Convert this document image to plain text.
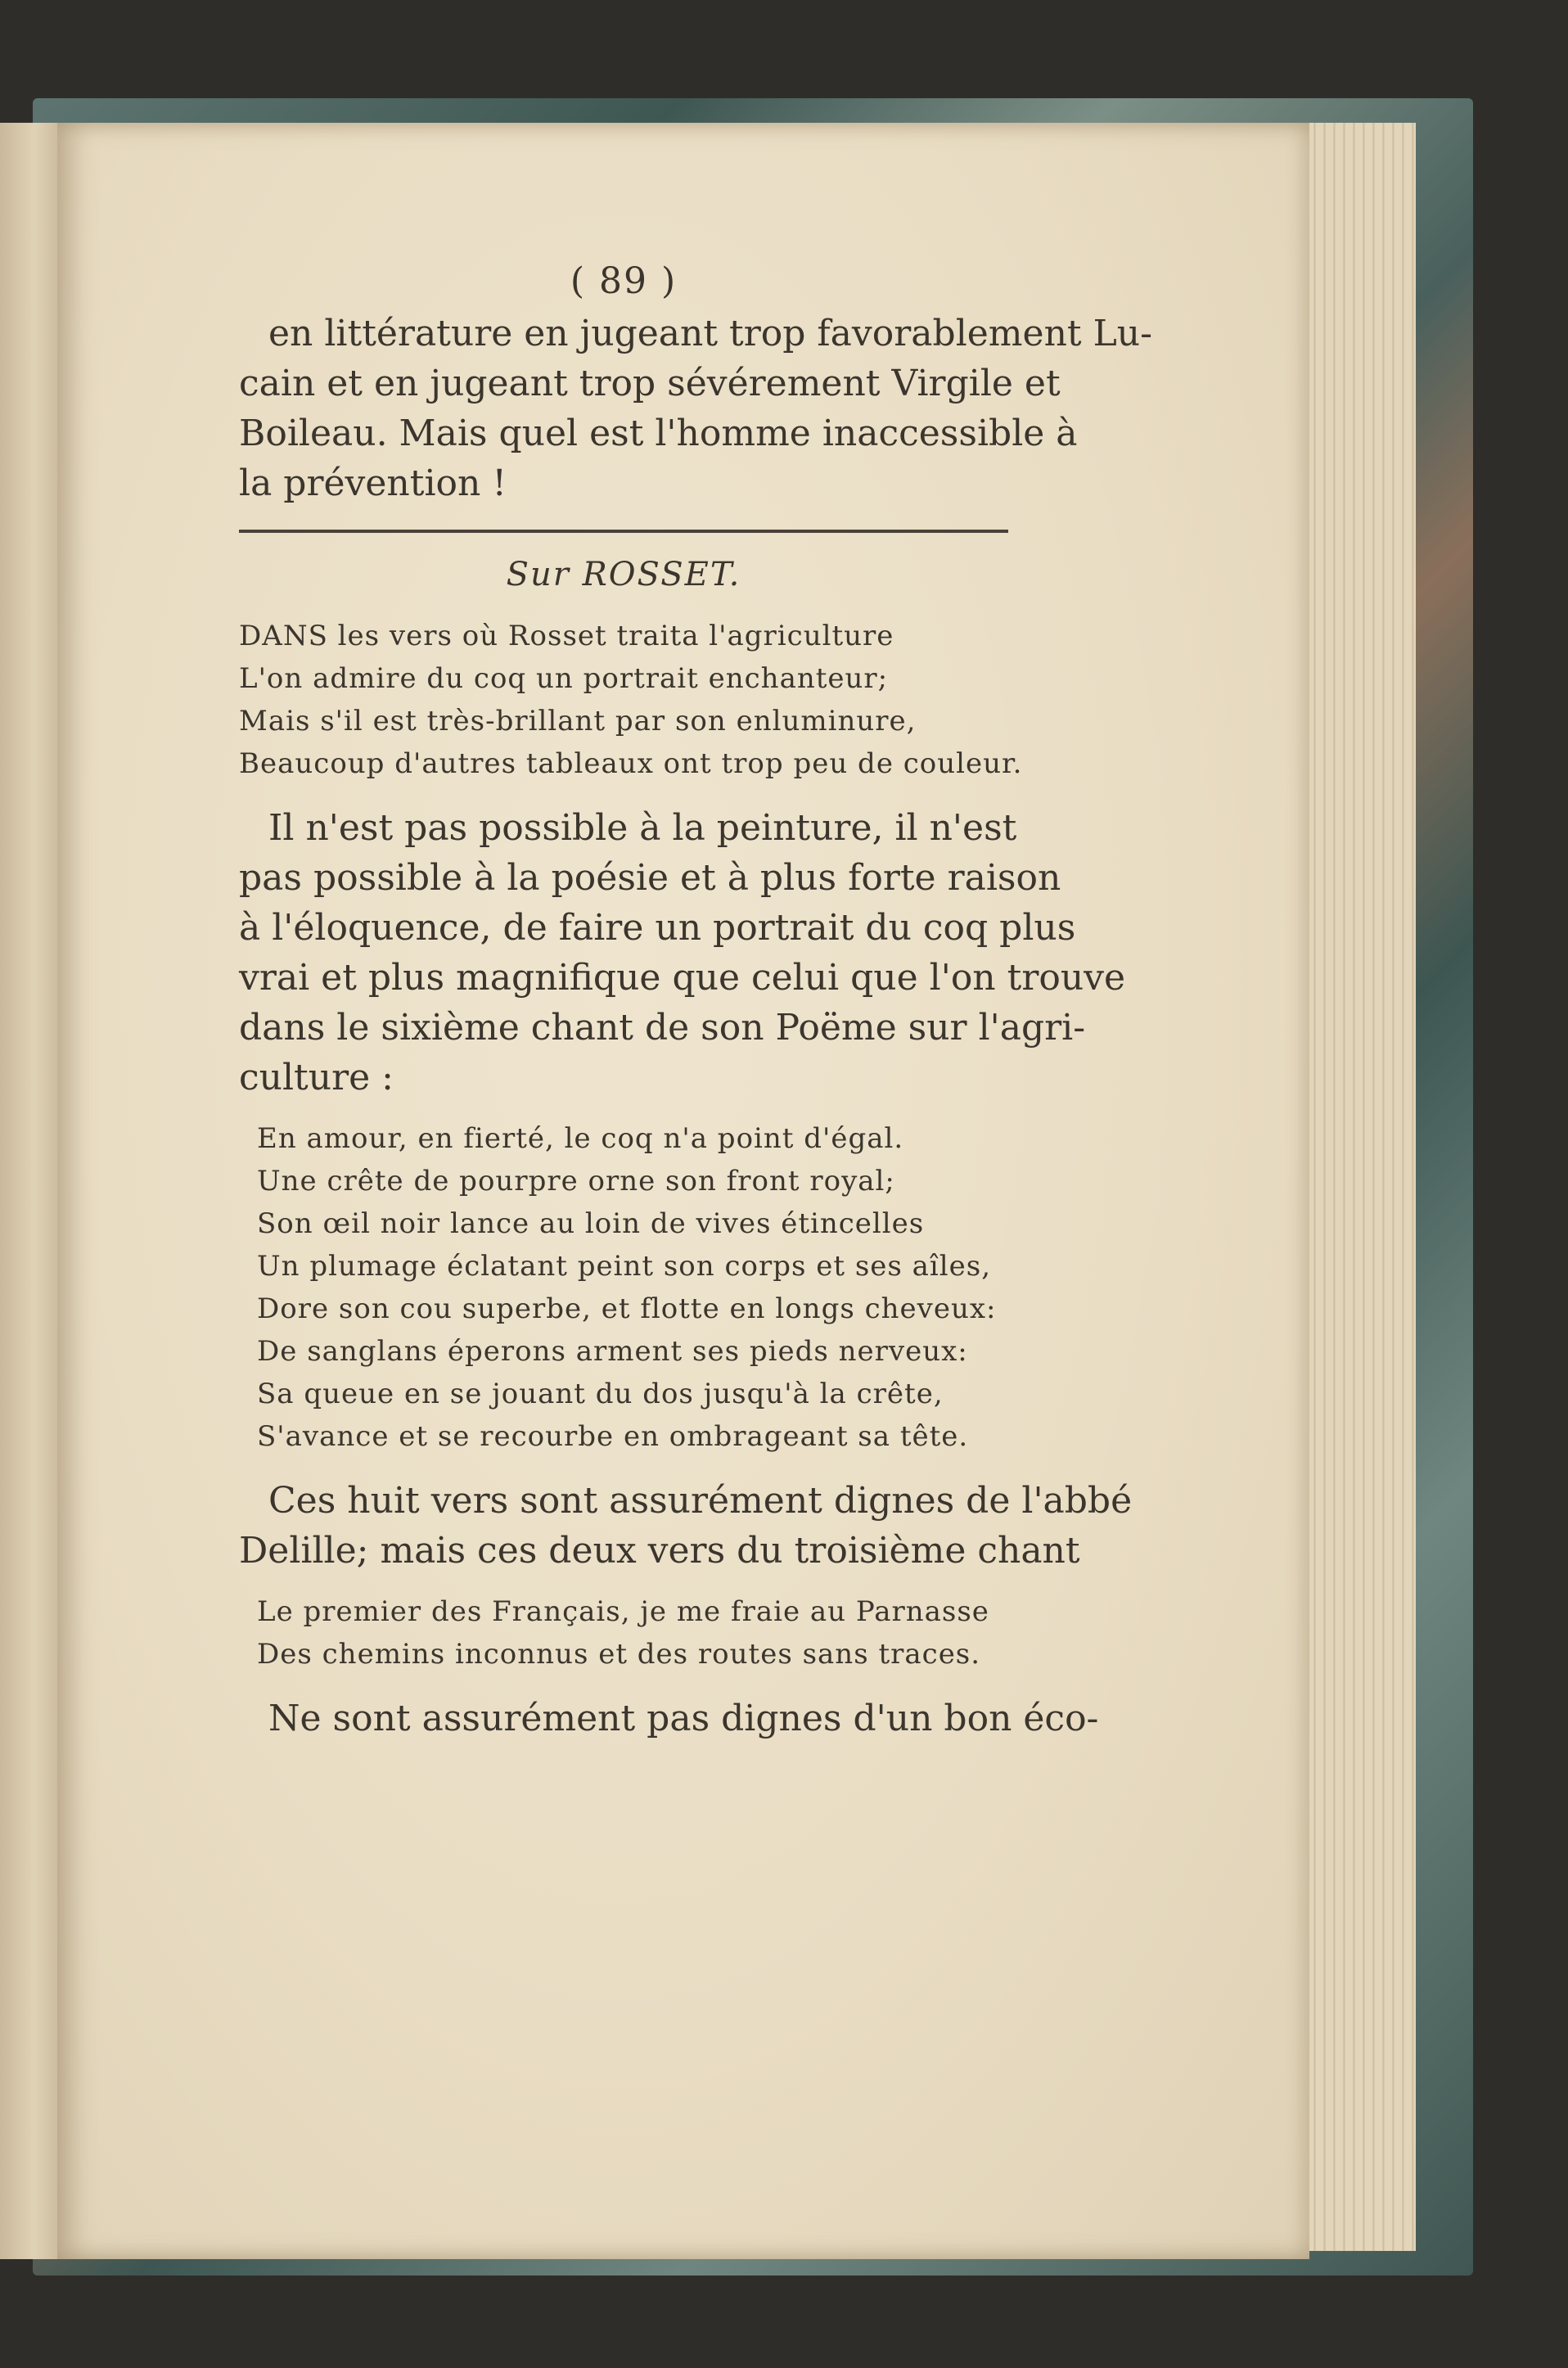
( 89 )
en littérature en jugeant trop favorablement Lu-
cain et en jugeant trop sévérement Virgile et
Boileau. Mais quel est l'homme inaccessible à
la prévention !
Sur ROSSET.
DANS les vers où Rosset traita l'agriculture
L'on admire du coq un portrait enchanteur;
Mais s'il est très-brillant par son enluminure,
Beaucoup d'autres tableaux ont trop peu de couleur.
Il n'est pas possible à la peinture, il n'est
pas possible à la poésie et à plus forte raison
à l'éloquence, de faire un portrait du coq plus
vrai et plus magnifique que celui que l'on trouve
dans le sixième chant de son Poëme sur l'agri-
culture :
En amour, en fierté, le coq n'a point d'égal.
Une crête de pourpre orne son front royal;
Son œil noir lance au loin de vives étincelles
Un plumage éclatant peint son corps et ses aîles,
Dore son cou superbe, et flotte en longs cheveux:
De sanglans éperons arment ses pieds nerveux:
Sa queue en se jouant du dos jusqu'à la crête,
S'avance et se recourbe en ombrageant sa tête.
Ces huit vers sont assurément dignes de l'abbé
Delille; mais ces deux vers du troisième chant
Le premier des Français, je me fraie au Parnasse
Des chemins inconnus et des routes sans traces.
Ne sont assurément pas dignes d'un bon éco-
